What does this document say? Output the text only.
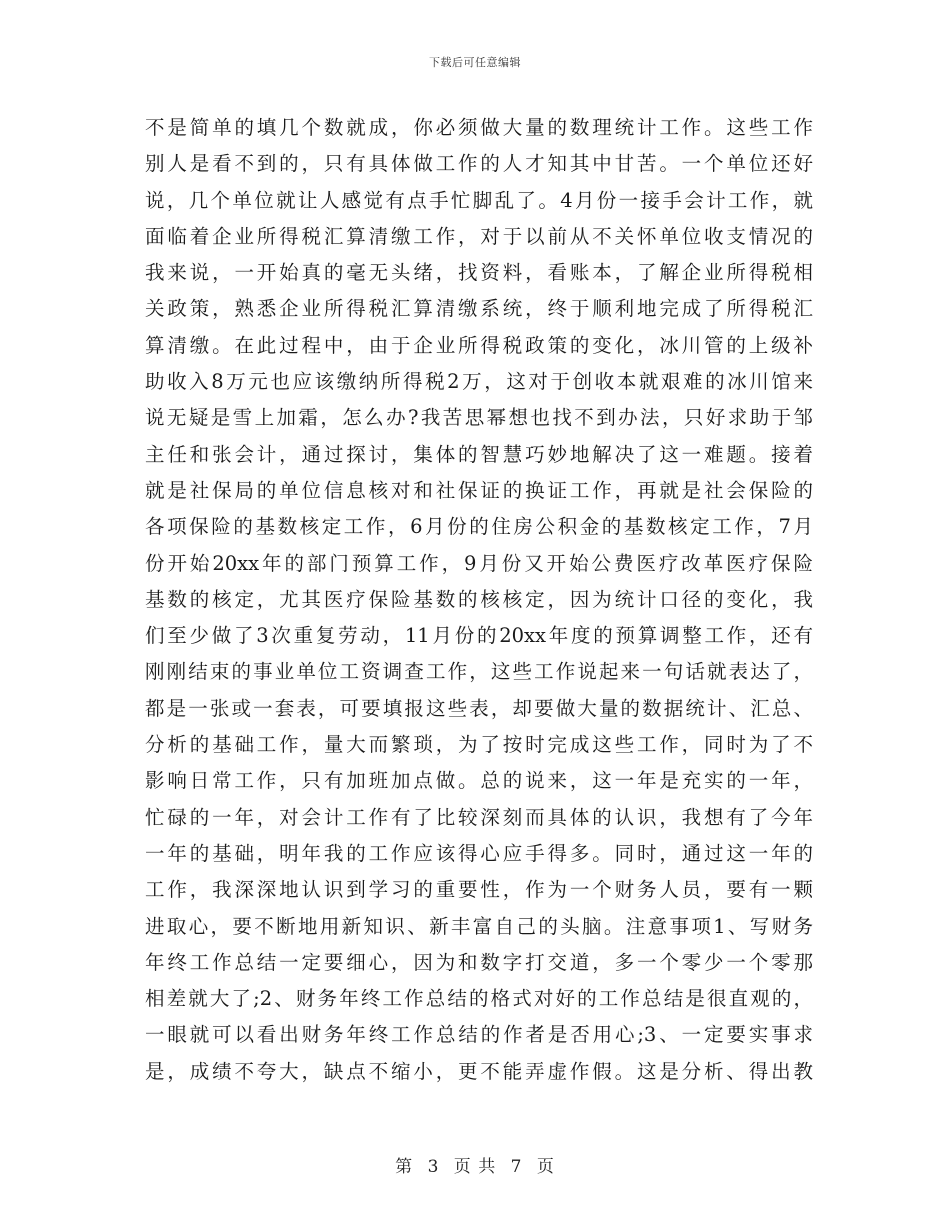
下载后可任意编辑
不是简单的填几个数就成，你必须做大量的数理统计工作。这些工作
别人是看不到的，只有具体做工作的人才知其中甘苦。一个单位还好
说，几个单位就让人感觉有点手忙脚乱了。4月份一接手会计工作，就
面临着企业所得税汇算清缴工作，对于以前从不关怀单位收支情况的
我来说，一开始真的毫无头绪，找资料，看账本，了解企业所得税相
关政策，熟悉企业所得税汇算清缴系统，终于顺利地完成了所得税汇
算清缴。在此过程中，由于企业所得税政策的变化，冰川管的上级补
助收入8万元也应该缴纳所得税2万，这对于创收本就艰难的冰川馆来
说无疑是雪上加霜，怎么办?我苦思幂想也找不到办法，只好求助于邹
主任和张会计，通过探讨，集体的智慧巧妙地解决了这一难题。接着
就是社保局的单位信息核对和社保证的换证工作，再就是社会保险的
各项保险的基数核定工作，6月份的住房公积金的基数核定工作，7月
份开始20xx年的部门预算工作，9月份又开始公费医疗改革医疗保险
基数的核定，尤其医疗保险基数的核核定，因为统计口径的变化，我
们至少做了3次重复劳动，11月份的20xx年度的预算调整工作，还有
刚刚结束的事业单位工资调查工作，这些工作说起来一句话就表达了，
都是一张或一套表，可要填报这些表，却要做大量的数据统计、汇总、
分析的基础工作，量大而繁琐，为了按时完成这些工作，同时为了不
影响日常工作，只有加班加点做。总的说来，这一年是充实的一年，
忙碌的一年，对会计工作有了比较深刻而具体的认识，我想有了今年
一年的基础，明年我的工作应该得心应手得多。同时，通过这一年的
工作，我深深地认识到学习的重要性，作为一个财务人员，要有一颗
进取心，要不断地用新知识、新丰富自己的头脑。注意事项1、写财务
年终工作总结一定要细心，因为和数字打交道，多一个零少一个零那
相差就大了;2、财务年终工作总结的格式对好的工作总结是很直观的，
一眼就可以看出财务年终工作总结的作者是否用心;3、一定要实事求
是，成绩不夸大，缺点不缩小，更不能弄虚作假。这是分析、得出教
第 3 页 共 7 页
